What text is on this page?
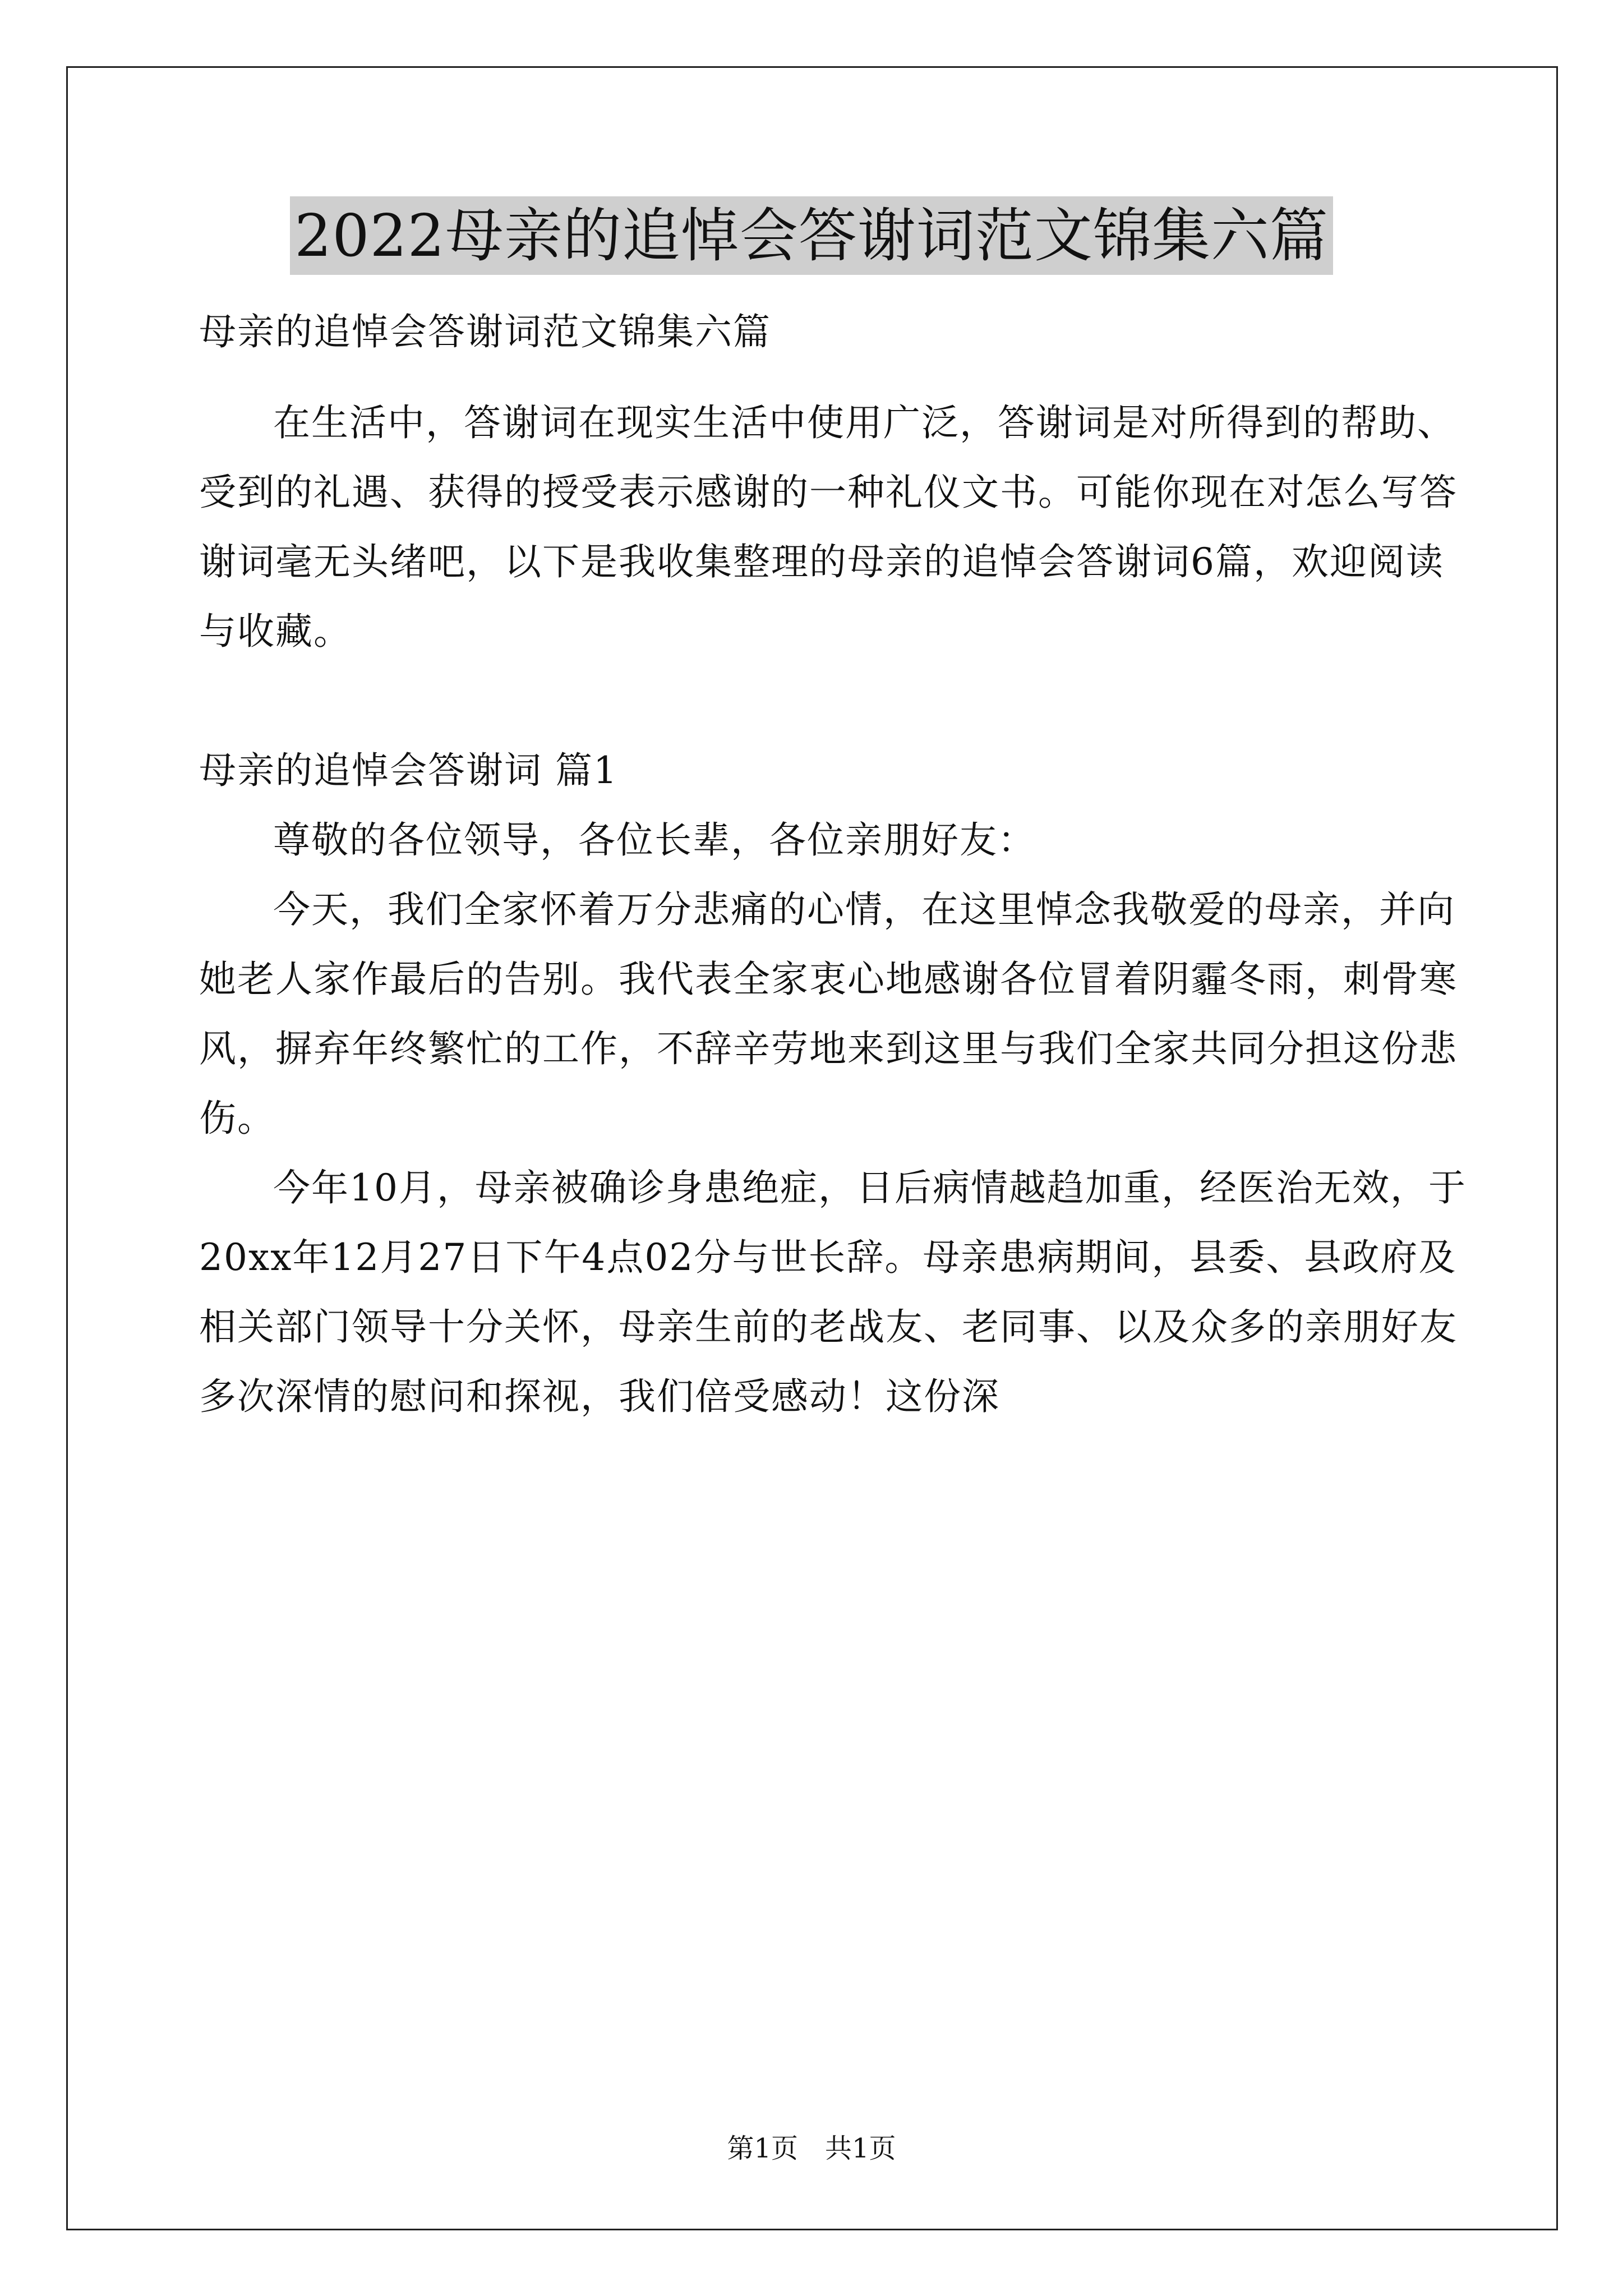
2022母亲的追悼会答谢词范文锦集六篇

母亲的追悼会答谢词范文锦集六篇

在生活中，答谢词在现实生活中使用广泛，答谢词是对所得到的帮助、受到的礼遇、获得的授受表示感谢的一种礼仪文书。可能你现在对怎么写答谢词毫无头绪吧，以下是我收集整理的母亲的追悼会答谢词6篇，欢迎阅读与收藏。

母亲的追悼会答谢词 篇1

尊敬的各位领导，各位长辈，各位亲朋好友：

今天，我们全家怀着万分悲痛的心情，在这里悼念我敬爱的母亲，并向她老人家作最后的告别。我代表全家衷心地感谢各位冒着阴霾冬雨，刺骨寒风，摒弃年终繁忙的工作，不辞辛劳地来到这里与我们全家共同分担这份悲伤。

今年10月，母亲被确诊身患绝症，日后病情越趋加重，经医治无效，于20xx年12月27日下午4点02分与世长辞。母亲患病期间，县委、县政府及相关部门领导十分关怀，母亲生前的老战友、老同事、以及众多的亲朋好友多次深情的慰问和探视，我们倍受感动！这份深

第1页　共1页
